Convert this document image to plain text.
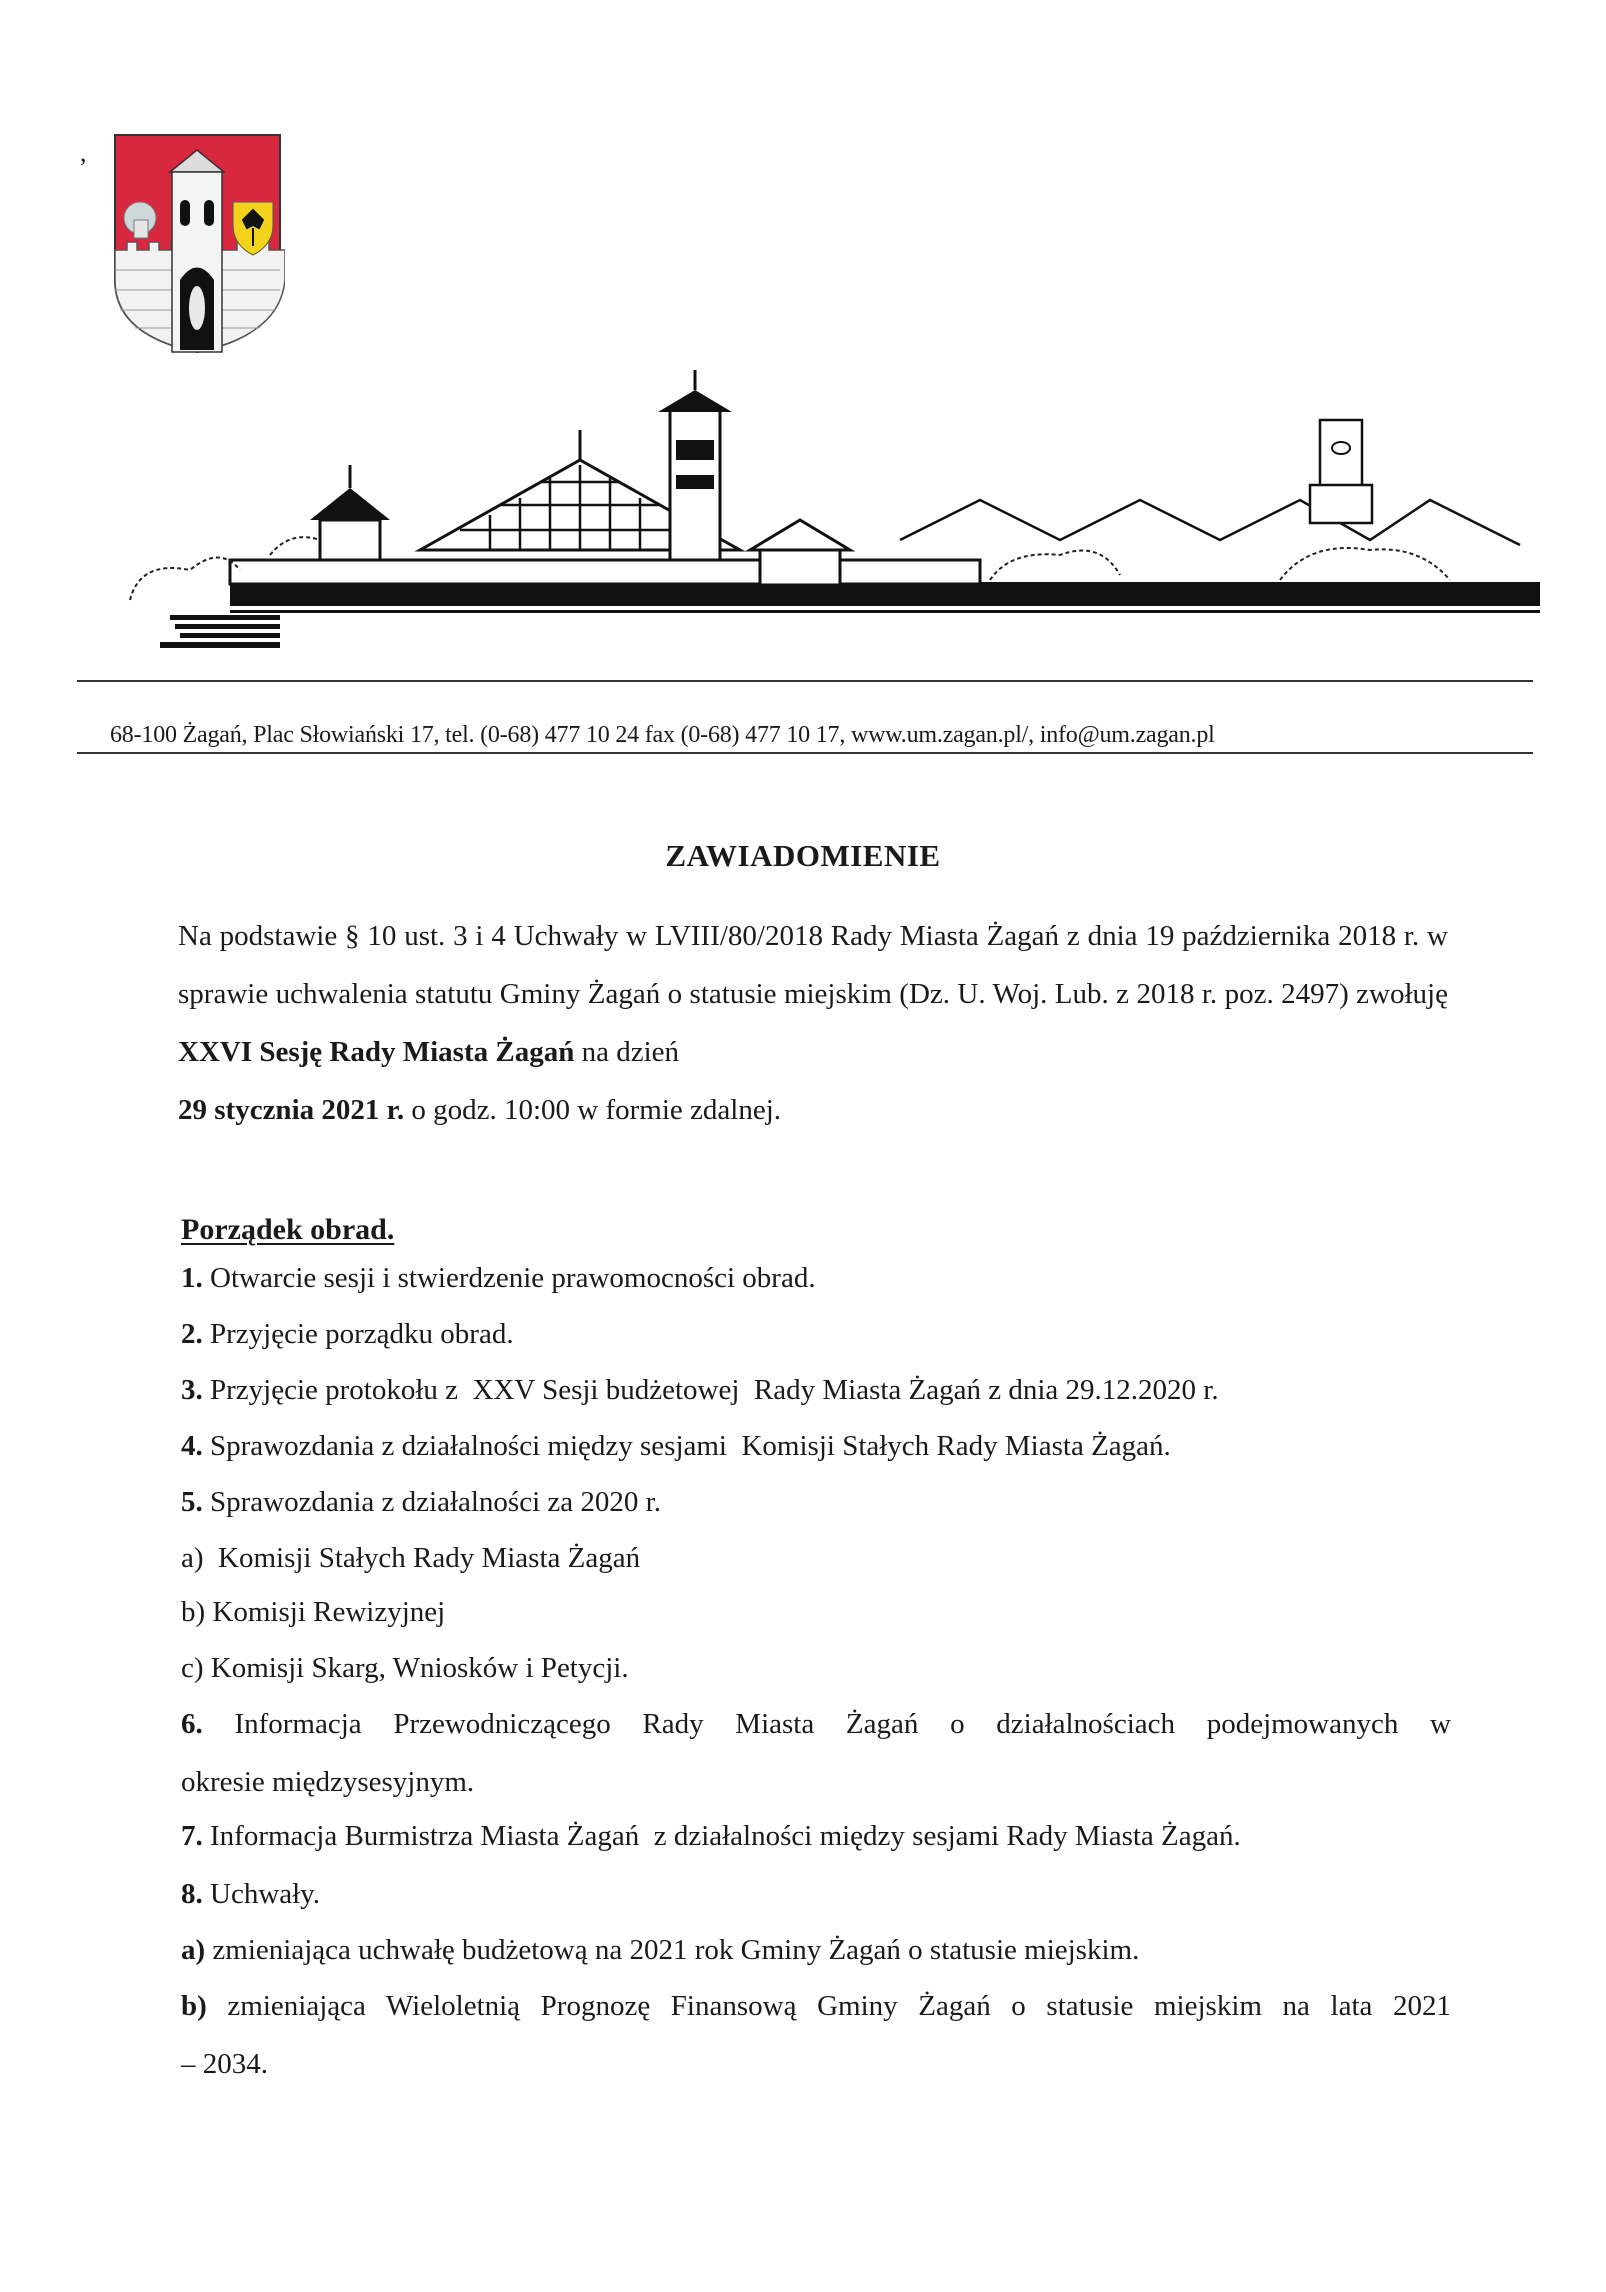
,
68-100 Żagań, Plac Słowiański 17, tel. (0-68) 477 10 24 fax (0-68) 477 10 17, www.um.zagan.pl/, info@um.zagan.pl
ZAWIADOMIENIE
Na podstawie § 10 ust. 3 i 4 Uchwały w LVIII/80/2018 Rady Miasta Żagań z dnia 19 października 2018 r. w sprawie uchwalenia statutu Gminy Żagań o statusie miejskim (Dz. U. Woj. Lub. z 2018 r. poz. 2497) zwołuję XXVI Sesję Rady Miasta Żagań na dzień
29 stycznia 2021 r. o godz. 10:00 w formie zdalnej.
Porządek obrad.
1. Otwarcie sesji i stwierdzenie prawomocności obrad.
2. Przyjęcie porządku obrad.
3. Przyjęcie protokołu z  XXV Sesji budżetowej  Rady Miasta Żagań z dnia 29.12.2020 r.
4. Sprawozdania z działalności między sesjami  Komisji Stałych Rady Miasta Żagań.
5. Sprawozdania z działalności za 2020 r.
a)  Komisji Stałych Rady Miasta Żagań
b) Komisji Rewizyjnej
c) Komisji Skarg, Wniosków i Petycji.
6. Informacja Przewodniczącego Rady Miasta Żagań o działalnościach podejmowanych w
okresie międzysesyjnym.
7. Informacja Burmistrza Miasta Żagań  z działalności między sesjami Rady Miasta Żagań.
8. Uchwały.
a) zmieniająca uchwałę budżetową na 2021 rok Gminy Żagań o statusie miejskim.
b) zmieniająca Wieloletnią Prognozę Finansową Gminy Żagań o statusie miejskim na lata 2021
– 2034.
